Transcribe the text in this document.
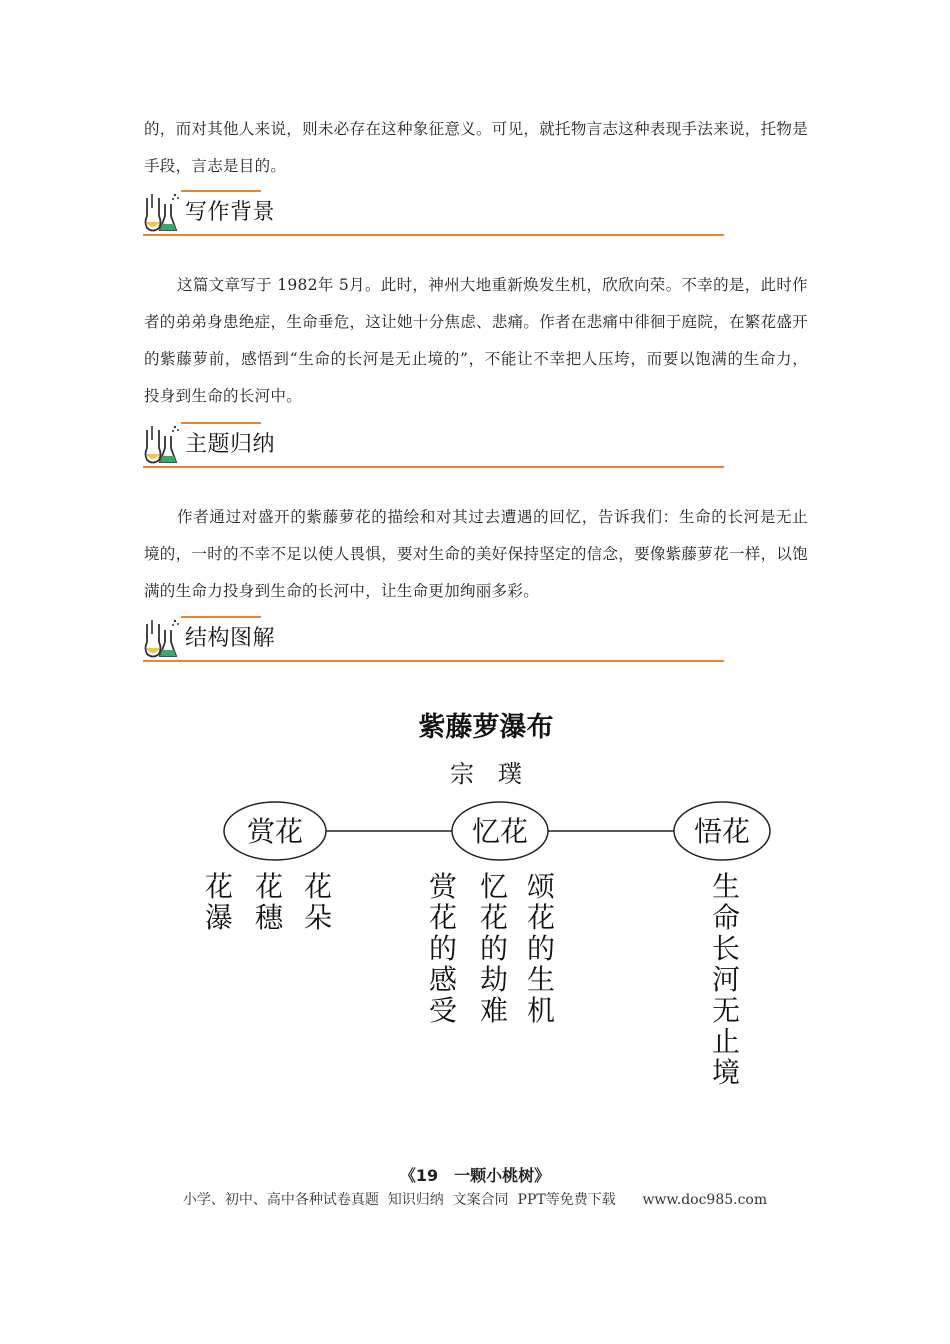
的，而对其他人来说，则未必存在这种象征意义。可见，就托物言志这种表现手法来说，托物是手段，言志是目的。

写作背景

这篇文章写于 1982年 5月。此时，神州大地重新焕发生机，欣欣向荣。不幸的是，此时作者的弟弟身患绝症，生命垂危，这让她十分焦虑、悲痛。作者在悲痛中徘徊于庭院，在繁花盛开的紫藤萝前，感悟到“生命的长河是无止境的”，不能让不幸把人压垮，而要以饱满的生命力，投身到生命的长河中。

主题归纳

作者通过对盛开的紫藤萝花的描绘和对其过去遭遇的回忆，告诉我们：生命的长河是无止境的，一时的不幸不足以使人畏惧，要对生命的美好保持坚定的信念，要像紫藤萝花一样，以饱满的生命力投身到生命的长河中，让生命更加绚丽多彩。

结构图解
紫藤萝瀑布
宗　璞
赏花	忆花	悟花
花瀑
花穗
花朵
赏花的感受
忆花的劫难
颂花的生机
生命长河无止境
《19　一颗小桃树》
小学、初中、高中各种试卷真题  知识归纳  文案合同  PPT等免费下载 www.doc985.com
